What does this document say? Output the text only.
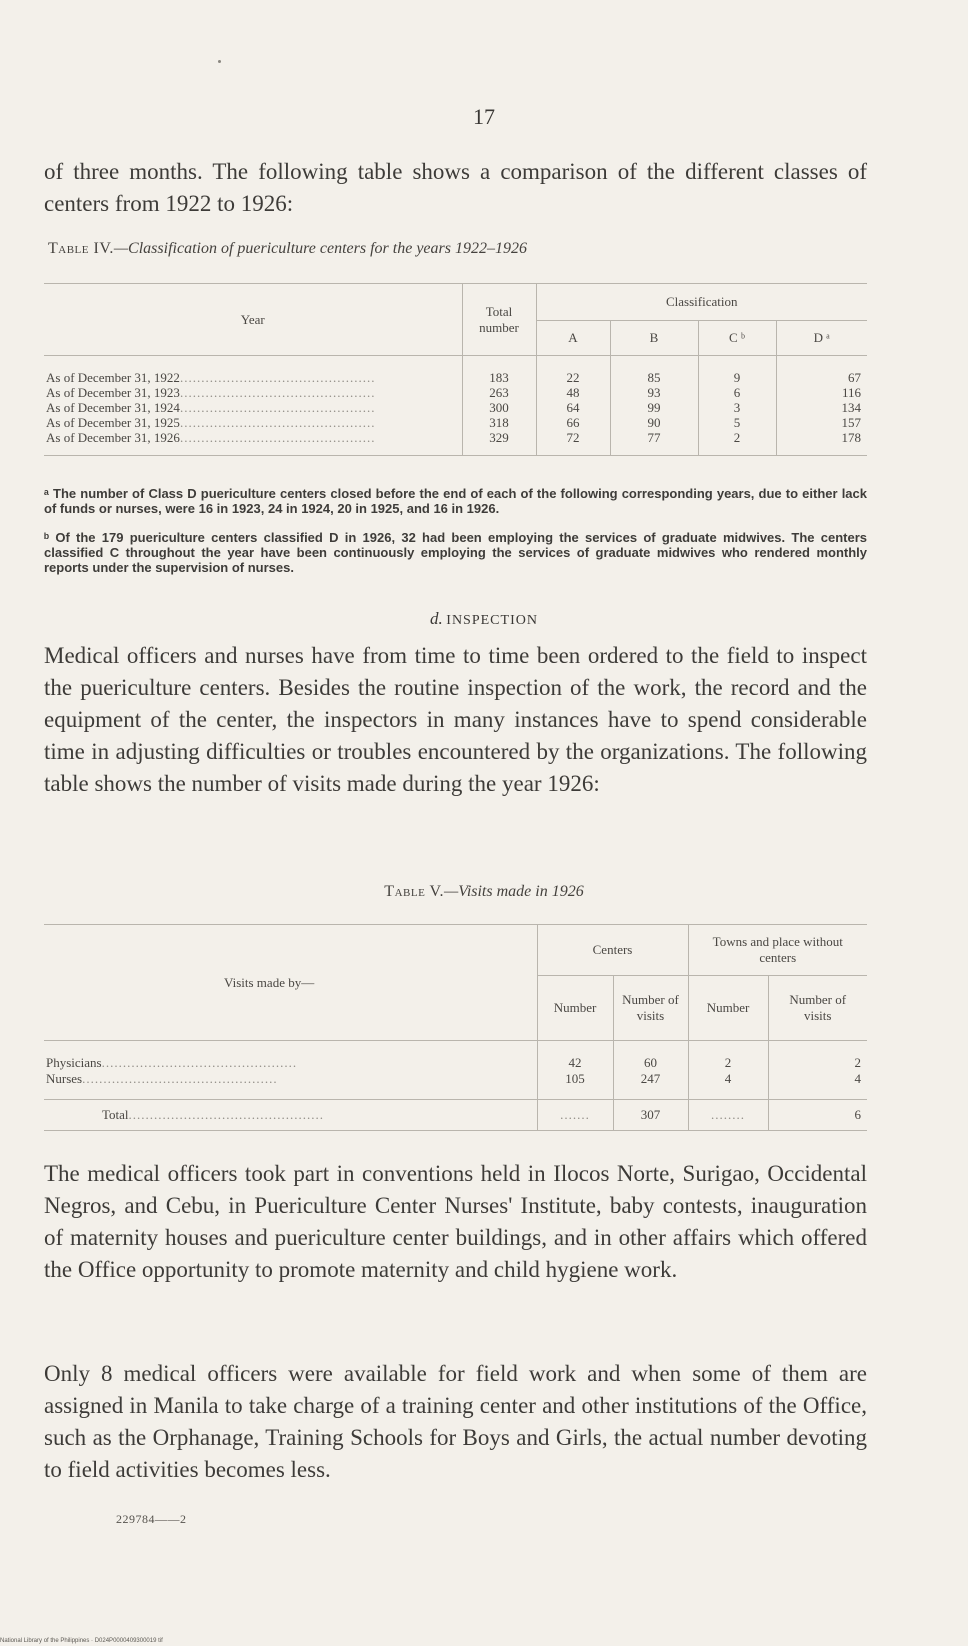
17

of three months. The following table shows a comparison of the different classes of centers from 1922 to 1926:

Table IV.—Classification of puericulture centers for the years 1922–1926
Year	Total number	Classification			
		A	B	C ᵇ	D ᵃ
As of December 31, 1922..............................................	183	22	85	9	67
As of December 31, 1923..............................................	263	48	93	6	116
As of December 31, 1924..............................................	300	64	99	3	134
As of December 31, 1925..............................................	318	66	90	5	157
As of December 31, 1926..............................................	329	72	77	2	178

ᵃ The number of Class D puericulture centers closed before the end of each of the following corresponding years, due to either lack of funds or nurses, were 16 in 1923, 24 in 1924, 20 in 1925, and 16 in 1926.

ᵇ Of the 179 puericulture centers classified D in 1926, 32 had been employing the services of graduate midwives. The centers classified C throughout the year have been continuously employing the services of graduate midwives who rendered monthly reports under the supervision of nurses.

d. INSPECTION

Medical officers and nurses have from time to time been ordered to the field to inspect the puericulture centers. Besides the routine inspection of the work, the record and the equipment of the center, the inspectors in many instances have to spend considerable time in adjusting difficulties or troubles encountered by the organizations. The following table shows the number of visits made during the year 1926:

Table V.—Visits made in 1926
Visits made by—	Centers		Towns and place without centers	
	Number	Number of visits	Number	Number of visits
Physicians..............................................	42	60	2	2
Nurses..............................................	105	247	4	4
Total..............................................	.......	307	........	6

The medical officers took part in conventions held in Ilocos Norte, Surigao, Occidental Negros, and Cebu, in Puericulture Center Nurses' Institute, baby contests, inauguration of maternity houses and puericulture center buildings, and in other affairs which offered the Office opportunity to promote maternity and child hygiene work.

Only 8 medical officers were available for field work and when some of them are assigned in Manila to take charge of a training center and other institutions of the Office, such as the Orphanage, Training Schools for Boys and Girls, the actual number devoting to field activities becomes less.

229784——2
National Library of the Philippines · D024P0000409300019 tif
